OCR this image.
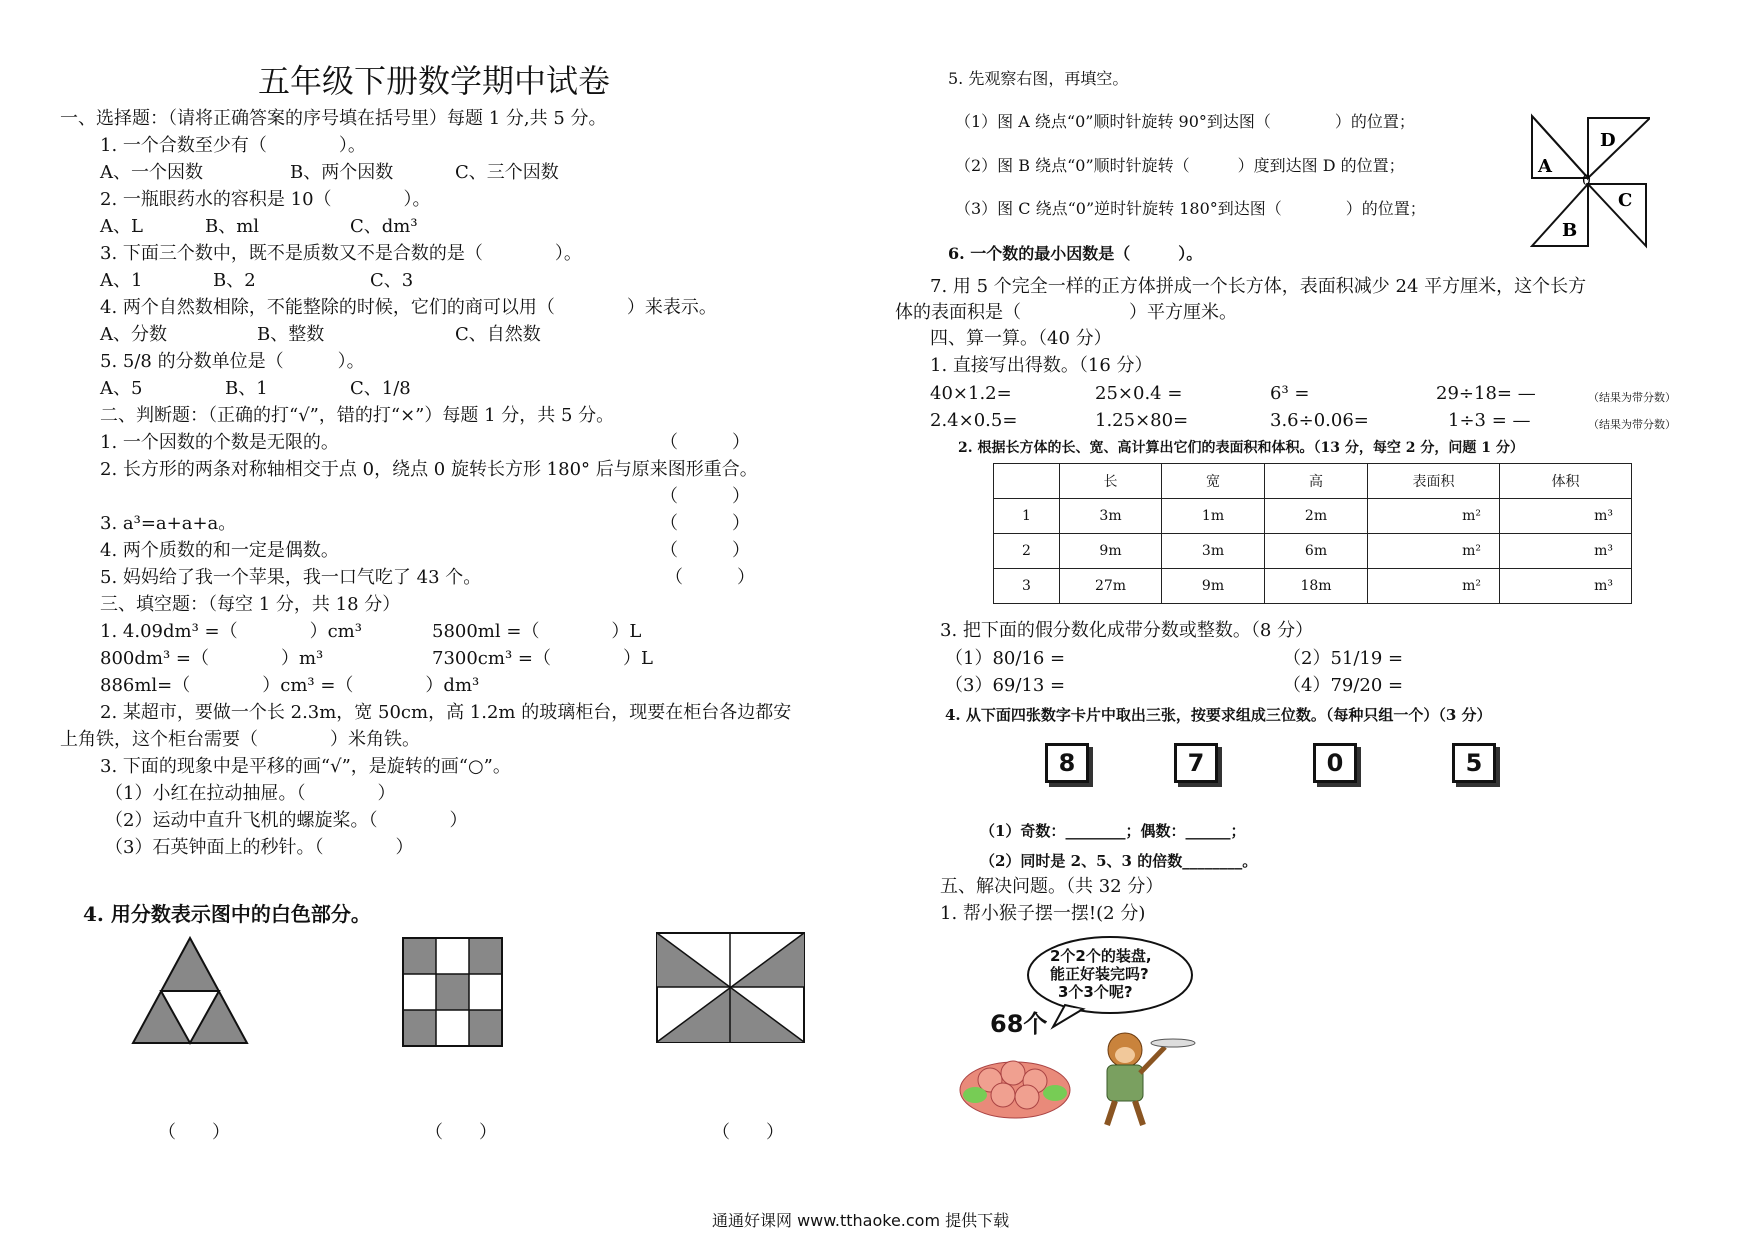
五年级下册数学期中试卷
一、选择题：（请将正确答案的序号填在括号里）每题 1 分,共 5 分。
1. 一个合数至少有（　　　　）。
A、一个因数	B、两个因数	C、三个因数
2. 一瓶眼药水的容积是 10（　　　　）。
A、L	B、ml	C、dm³
3. 下面三个数中，既不是质数又不是合数的是（　　　　）。
A、1	B、2	C、3
4. 两个自然数相除，不能整除的时候，它们的商可以用（　　　　）来表示。
A、分数	B、整数	C、自然数
5. 5/8 的分数单位是（　　　）。
A、5	B、1	C、1/8
二、判断题：（正确的打“√”，错的打“×”）每题 1 分，共 5 分。
1. 一个因数的个数是无限的。	（　　　）
2. 长方形的两条对称轴相交于点 0，绕点 0 旋转长方形 180° 后与原来图形重合。
（　　　）
3. a³=a+a+a。	（　　　）
4. 两个质数的和一定是偶数。	（　　　）
5. 妈妈给了我一个苹果，我一口气吃了 43 个。	（　　　）
三、填空题：（每空 1 分，共 18 分）
1. 4.09dm³ =（　　　　）cm³	5800ml =（　　　　）L
800dm³ =（　　　　）m³	7300cm³ =（　　　　）L
886ml=（　　　　）cm³ =（　　　　）dm³
2. 某超市，要做一个长 2.3m，宽 50cm，高 1.2m 的玻璃柜台，现要在柜台各边都安
上角铁，这个柜台需要（　　　　）米角铁。
3. 下面的现象中是平移的画“√”，是旋转的画“○”。
（1）小红在拉动抽屉。（　　　　）
（2）运动中直升飞机的螺旋桨。（　　　　）
（3）石英钟面上的秒针。（　　　　）
4. 用分数表示图中的白色部分。
（　　）	（　　）	（　　）
5. 先观察右图，再填空。
（1）图 A 绕点“0”顺时针旋转 90°到达图（　　　　）的位置；
（2）图 B 绕点“0”顺时针旋转（　　　）度到达图 D 的位置；
（3）图 C 绕点“0”逆时针旋转 180°到达图（　　　　）的位置；
A
D
0
C
B
6. 一个数的最小因数是（　　　）。
7. 用 5 个完全一样的正方体拼成一个长方体，表面积减少 24 平方厘米，这个长方
体的表面积是（　　　　　　）平方厘米。
四、算一算。（40 分）
1. 直接写出得数。（16 分）
40×1.2=	25×0.4 =	6³ =	29÷18= —	（结果为带分数）
2.4×0.5=	1.25×80=	3.6÷0.06=	1÷3 = —	（结果为带分数）
2. 根据长方体的长、宽、高计算出它们的表面积和体积。（13 分，每空 2 分，问题 1 分）
	长	宽	高	表面积	体积
1	3m	1m	2m	m²	m³
2	9m	3m	6m	m²	m³
3	27m	9m	18m	m²	m³
3. 把下面的假分数化成带分数或整数。（8 分）
（1）80/16 =	（2）51/19 =
（3）69/13 =	（4）79/20 =
4. 从下面四张数字卡片中取出三张，按要求组成三位数。（每种只组一个）（3 分）
8	7	0	5
（1）奇数：________；偶数：______；
（2）同时是 2、5、3 的倍数________。
五、解决问题。（共 32 分）
1. 帮小猴子摆一摆!(2 分)
2个2个的装盘,
能正好装完吗?
3个3个呢?
68个
通通好课网 www.tthaoke.com 提供下载
